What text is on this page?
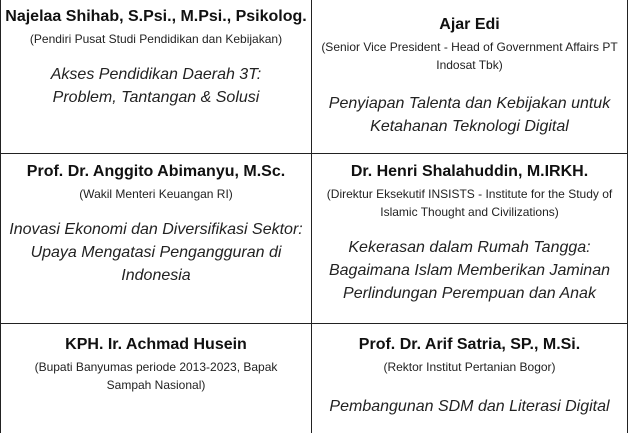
Najelaa Shihab, S.Psi., M.Psi., Psikolog.

(Pendiri Pusat Studi Pendidikan dan Kebijakan)

Akses Pendidikan Daerah 3T: Problem, Tantangan & Solusi

Ajar Edi

(Senior Vice President - Head of Government Affairs PT Indosat Tbk)

Penyiapan Talenta dan Kebijakan untuk Ketahanan Teknologi Digital

Prof. Dr. Anggito Abimanyu, M.Sc.

(Wakil Menteri Keuangan RI)

Inovasi Ekonomi dan Diversifikasi Sektor: Upaya Mengatasi Pengangguran di Indonesia

Dr. Henri Shalahuddin, M.IRKH.

(Direktur Eksekutif INSISTS - Institute for the Study of Islamic Thought and Civilizations)

Kekerasan dalam Rumah Tangga: Bagaimana Islam Memberikan Jaminan Perlindungan Perempuan dan Anak

KPH. Ir. Achmad Husein

(Bupati Banyumas periode 2013-2023, Bapak Sampah Nasional)

Prof. Dr. Arif Satria, SP., M.Si.

(Rektor Institut Pertanian Bogor)

Pembangunan SDM dan Literasi Digital
